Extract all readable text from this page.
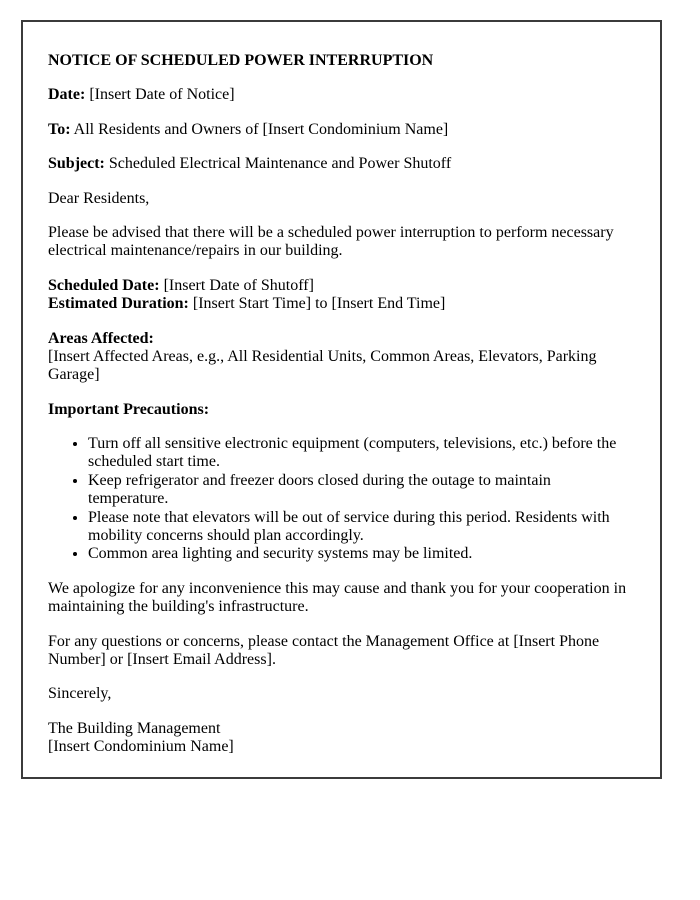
NOTICE OF SCHEDULED POWER INTERRUPTION

Date: [Insert Date of Notice]

To: All Residents and Owners of [Insert Condominium Name]

Subject: Scheduled Electrical Maintenance and Power Shutoff

Dear Residents,

Please be advised that there will be a scheduled power interruption to perform necessary electrical maintenance/repairs in our building.

Scheduled Date: [Insert Date of Shutoff]
Estimated Duration: [Insert Start Time] to [Insert End Time]

Areas Affected:
[Insert Affected Areas, e.g., All Residential Units, Common Areas, Elevators, Parking Garage]

Important Precautions:

• Turn off all sensitive electronic equipment (computers, televisions, etc.) before the scheduled start time.
• Keep refrigerator and freezer doors closed during the outage to maintain temperature.
• Please note that elevators will be out of service during this period. Residents with mobility concerns should plan accordingly.
• Common area lighting and security systems may be limited.

We apologize for any inconvenience this may cause and thank you for your cooperation in maintaining the building's infrastructure.

For any questions or concerns, please contact the Management Office at [Insert Phone Number] or [Insert Email Address].

Sincerely,

The Building Management
[Insert Condominium Name]
